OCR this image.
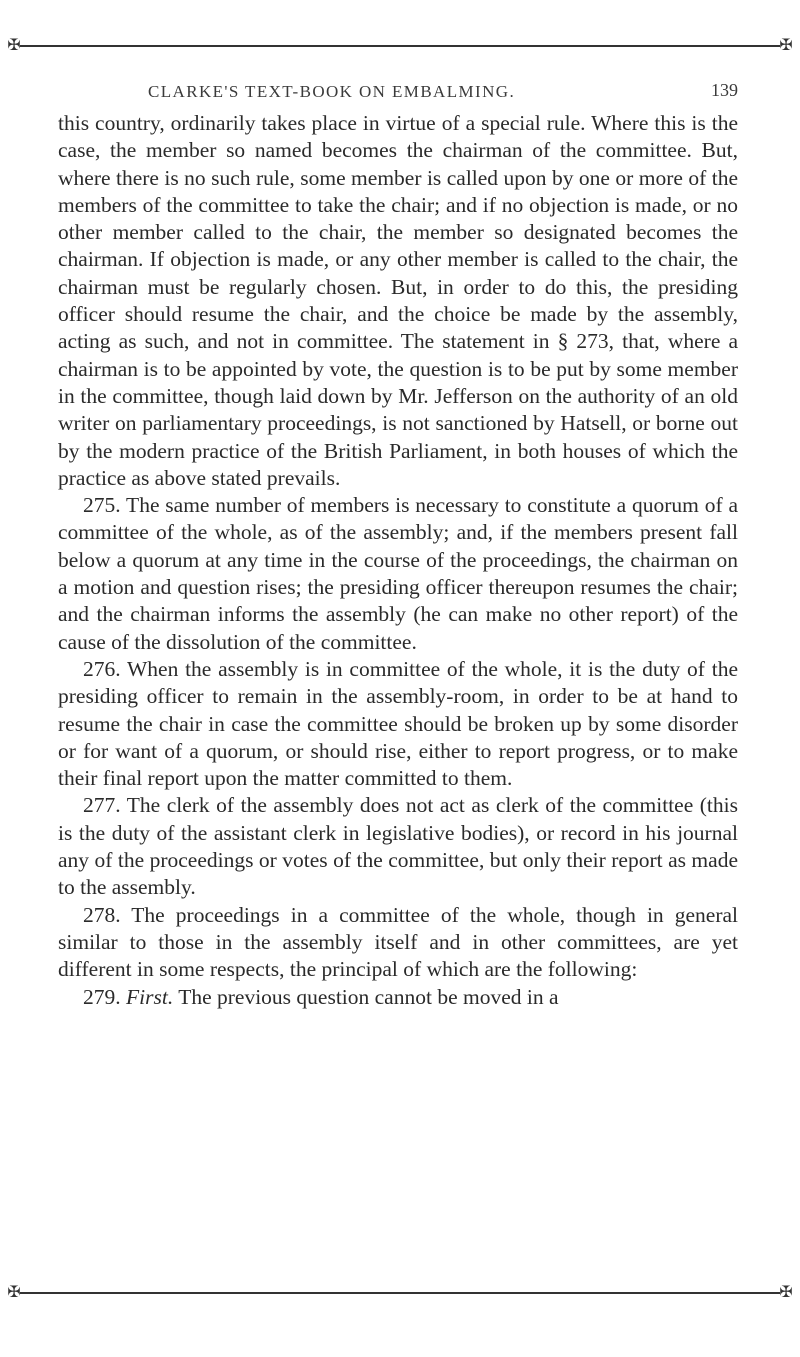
✠	✠
CLARKE'S TEXT-BOOK ON EMBALMING.	139

this country, ordinarily takes place in virtue of a special rule. Where this is the case, the member so named becomes the chairman of the committee. But, where there is no such rule, some member is called upon by one or more of the members of the committee to take the chair; and if no objection is made, or no other member called to the chair, the member so designated becomes the chairman. If objection is made, or any other member is called to the chair, the chairman must be regularly chosen. But, in order to do this, the presiding officer should resume the chair, and the choice be made by the assembly, acting as such, and not in committee. The statement in § 273, that, where a chairman is to be appointed by vote, the question is to be put by some member in the committee, though laid down by Mr. Jefferson on the authority of an old writer on parliamentary proceedings, is not sanctioned by Hatsell, or borne out by the modern practice of the British Parliament, in both houses of which the practice as above stated prevails.

275. The same number of members is necessary to constitute a quorum of a committee of the whole, as of the assembly; and, if the members present fall below a quorum at any time in the course of the proceedings, the chairman on a motion and question rises; the presiding officer thereupon resumes the chair; and the chairman informs the assembly (he can make no other report) of the cause of the dissolution of the committee.

276. When the assembly is in committee of the whole, it is the duty of the presiding officer to remain in the assembly-room, in order to be at hand to resume the chair in case the committee should be broken up by some disorder or for want of a quorum, or should rise, either to report progress, or to make their final report upon the matter committed to them.

277. The clerk of the assembly does not act as clerk of the committee (this is the duty of the assistant clerk in legislative bodies), or record in his journal any of the proceedings or votes of the committee, but only their report as made to the assembly.

278. The proceedings in a committee of the whole, though in general similar to those in the assembly itself and in other committees, are yet different in some respects, the principal of which are the following:

279. First. The previous question cannot be moved in a

✠	✠
